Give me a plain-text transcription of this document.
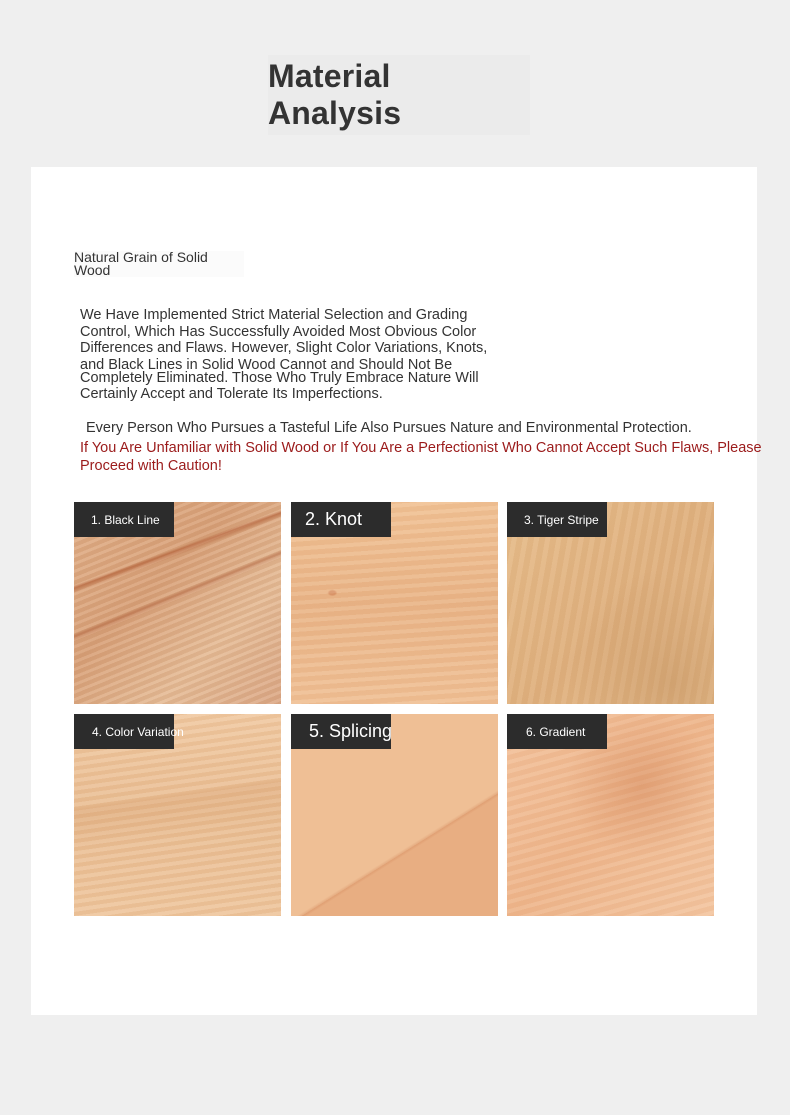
Material Analysis
Natural Grain of Solid Wood
We Have Implemented Strict Material Selection and Grading
Control, Which Has Successfully Avoided Most Obvious Color
Differences and Flaws. However, Slight Color Variations, Knots,
and Black Lines in Solid Wood Cannot and Should Not Be
Completely Eliminated. Those Who Truly Embrace Nature Will
Certainly Accept and Tolerate Its Imperfections.
Every Person Who Pursues a Tasteful Life Also Pursues Nature and Environmental Protection.
If You Are Unfamiliar with Solid Wood or If You Are a Perfectionist Who Cannot Accept Such Flaws, Please Proceed with Caution!
1. Black Line	2. Knot	3. Tiger Stripe
4. Color Variation	5. Splicing	6. Gradient
